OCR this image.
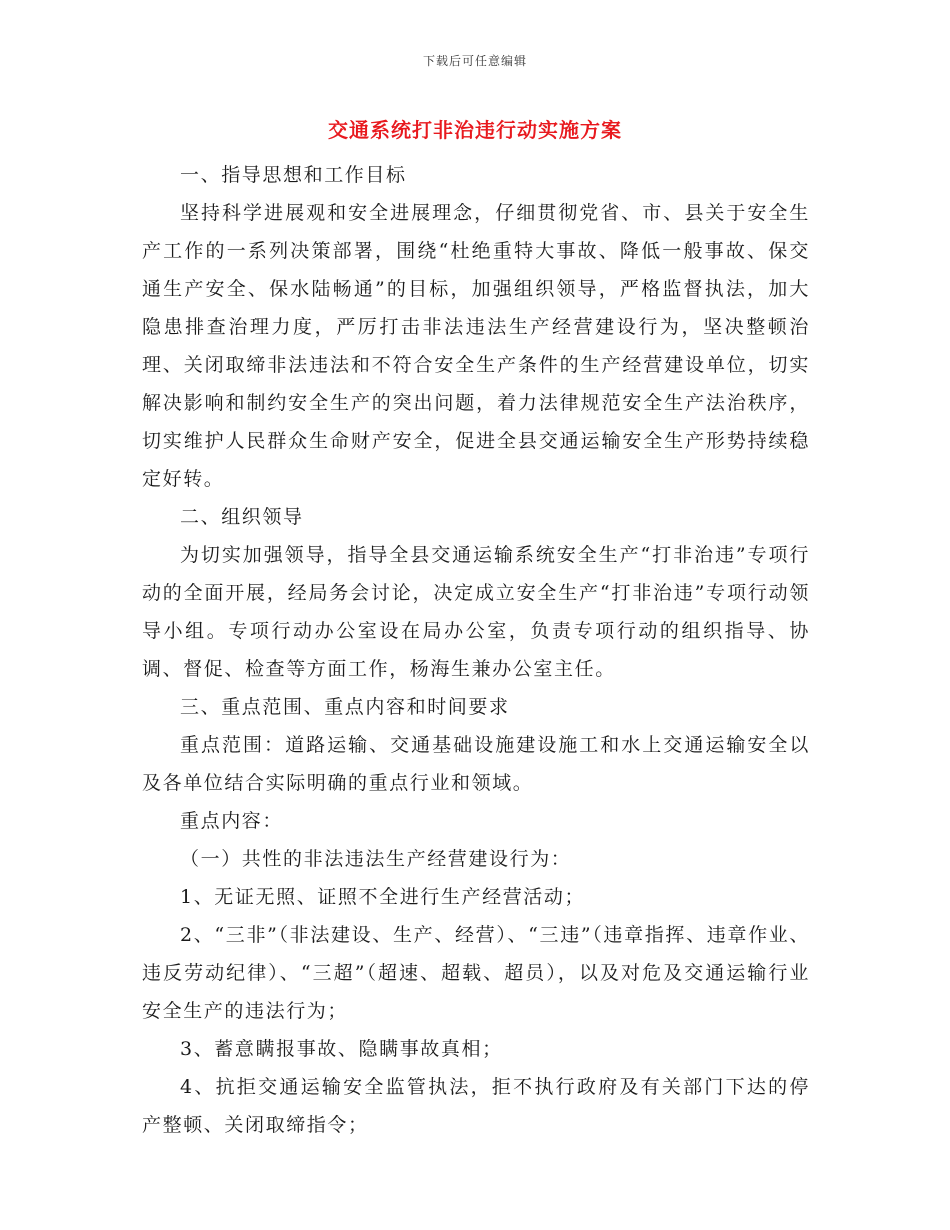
下载后可任意编辑
交通系统打非治违行动实施方案

一、指导思想和工作目标

坚持科学进展观和安全进展理念，仔细贯彻党省、市、县关于安全生产工作的一系列决策部署，围绕“杜绝重特大事故、降低一般事故、保交通生产安全、保水陆畅通”的目标，加强组织领导，严格监督执法，加大隐患排查治理力度，严厉打击非法违法生产经营建设行为，坚决整顿治理、关闭取缔非法违法和不符合安全生产条件的生产经营建设单位，切实解决影响和制约安全生产的突出问题，着力法律规范安全生产法治秩序，切实维护人民群众生命财产安全，促进全县交通运输安全生产形势持续稳定好转。

二、组织领导

为切实加强领导，指导全县交通运输系统安全生产“打非治违”专项行动的全面开展，经局务会讨论，决定成立安全生产“打非治违”专项行动领导小组。专项行动办公室设在局办公室，负责专项行动的组织指导、协调、督促、检查等方面工作，杨海生兼办公室主任。

三、重点范围、重点内容和时间要求

重点范围：道路运输、交通基础设施建设施工和水上交通运输安全以及各单位结合实际明确的重点行业和领域。

重点内容：

（一）共性的非法违法生产经营建设行为：

1、无证无照、证照不全进行生产经营活动；

2、“三非”（非法建设、生产、经营）、“三违”（违章指挥、违章作业、违反劳动纪律）、“三超”（超速、超载、超员），以及对危及交通运输行业安全生产的违法行为；

3、蓄意瞒报事故、隐瞒事故真相；

4、抗拒交通运输安全监管执法，拒不执行政府及有关部门下达的停产整顿、关闭取缔指令；
